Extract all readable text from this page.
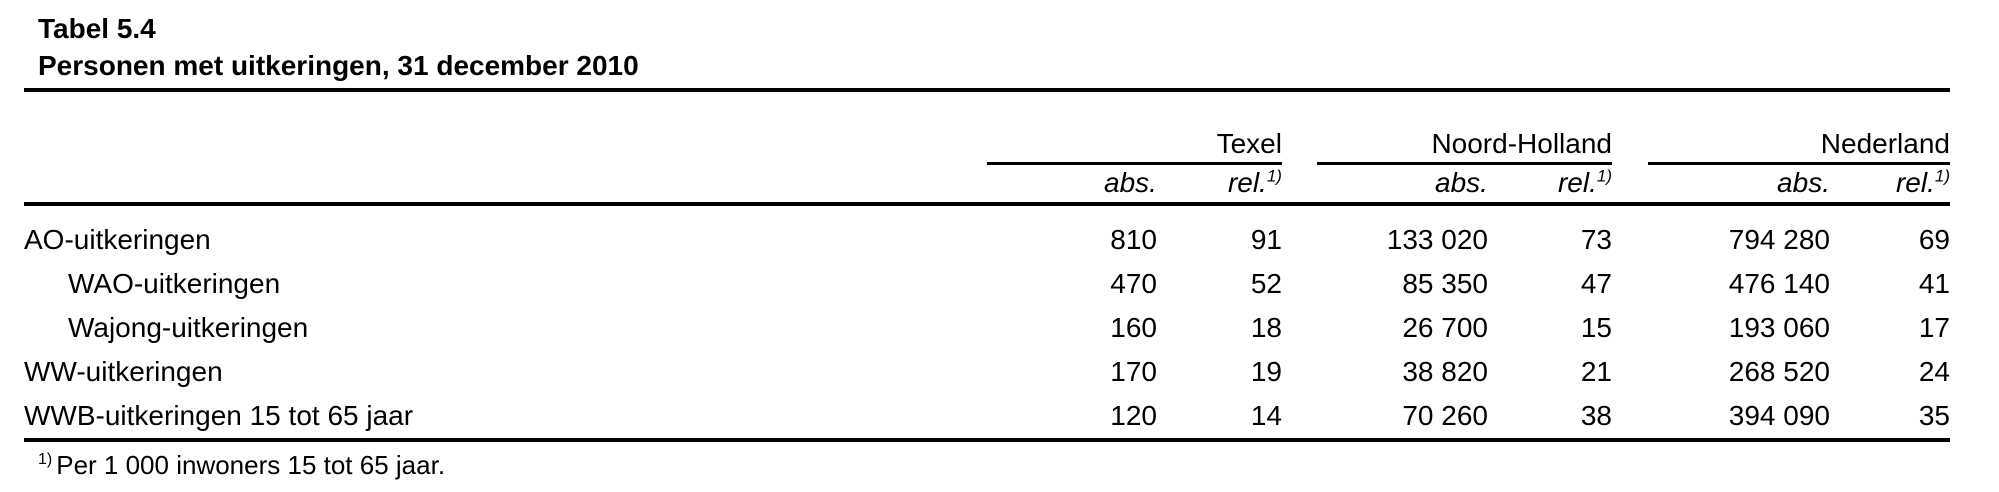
Tabel 5.4
Personen met uitkeringen, 31 december 2010
	Texel			Noord-Holland			Nederland	
	abs.	rel.$^{1)}$		abs.	rel.$^{1)}$		abs.	rel.$^{1)}$
AO-uitkeringen	810	91		133 020	73		794 280	69
WAO-uitkeringen	470	52		85 350	47		476 140	41
Wajong-uitkeringen	160	18		26 700	15		193 060	17
WW-uitkeringen	170	19		38 820	21		268 520	24
WWB-uitkeringen 15 tot 65 jaar	120	14		70 260	38		394 090	35
$^{1)}$ Per 1 000 inwoners 15 tot 65 jaar.
